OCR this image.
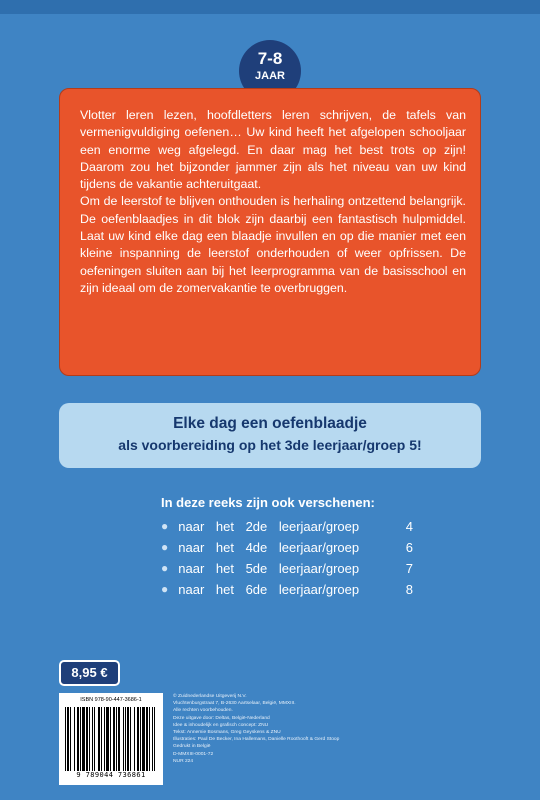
7-8
JAAR

Vlotter leren lezen, hoofdletters leren schrijven, de tafels van vermenigvuldiging oefenen… Uw kind heeft het afgelopen schooljaar een enorme weg afgelegd. En daar mag het best trots op zijn! Daarom zou het bijzonder jammer zijn als het niveau van uw kind tijdens de vakantie achteruitgaat.

Om de leerstof te blijven onthouden is herhaling ontzettend belangrijk. De oefenblaadjes in dit blok zijn daarbij een fantastisch hulpmiddel. Laat uw kind elke dag een blaadje invullen en op die manier met een kleine inspanning de leerstof onderhouden of weer opfrissen. De oefeningen sluiten aan bij het leerprogramma van de basisschool en zijn ideaal om de zomervakantie te overbruggen.

Elke dag een oefenblaadje
als voorbereiding op het 3de leerjaar/groep 5!
In deze reeks zijn ook verschenen:
● naar het 2de leerjaar/groep	4
● naar het 4de leerjaar/groep	6
● naar het 5de leerjaar/groep	7
● naar het 6de leerjaar/groep	8
8,95 €
ISBN 978-90-447-3686-1
9 789044 736861
© Zuidnederlandse Uitgeverij N.V.
Vluchtenburgstraat 7, B-2630 Aartselaar, België, MMXIII.
Alle rechten voorbehouden.
Deze uitgave door: Deltas, België-Nederland
Idee & inhoudelijk en grafisch concept: ZNU
Tekst: Annemie Bosmans, Greg Geyskens & ZNU
Illustraties: Paul De Becker, Ina Hallemans, Danielle Roothooft & Gerd Stoop
Gedrukt in België
D-MMXIII-0001-72
NUR 224
